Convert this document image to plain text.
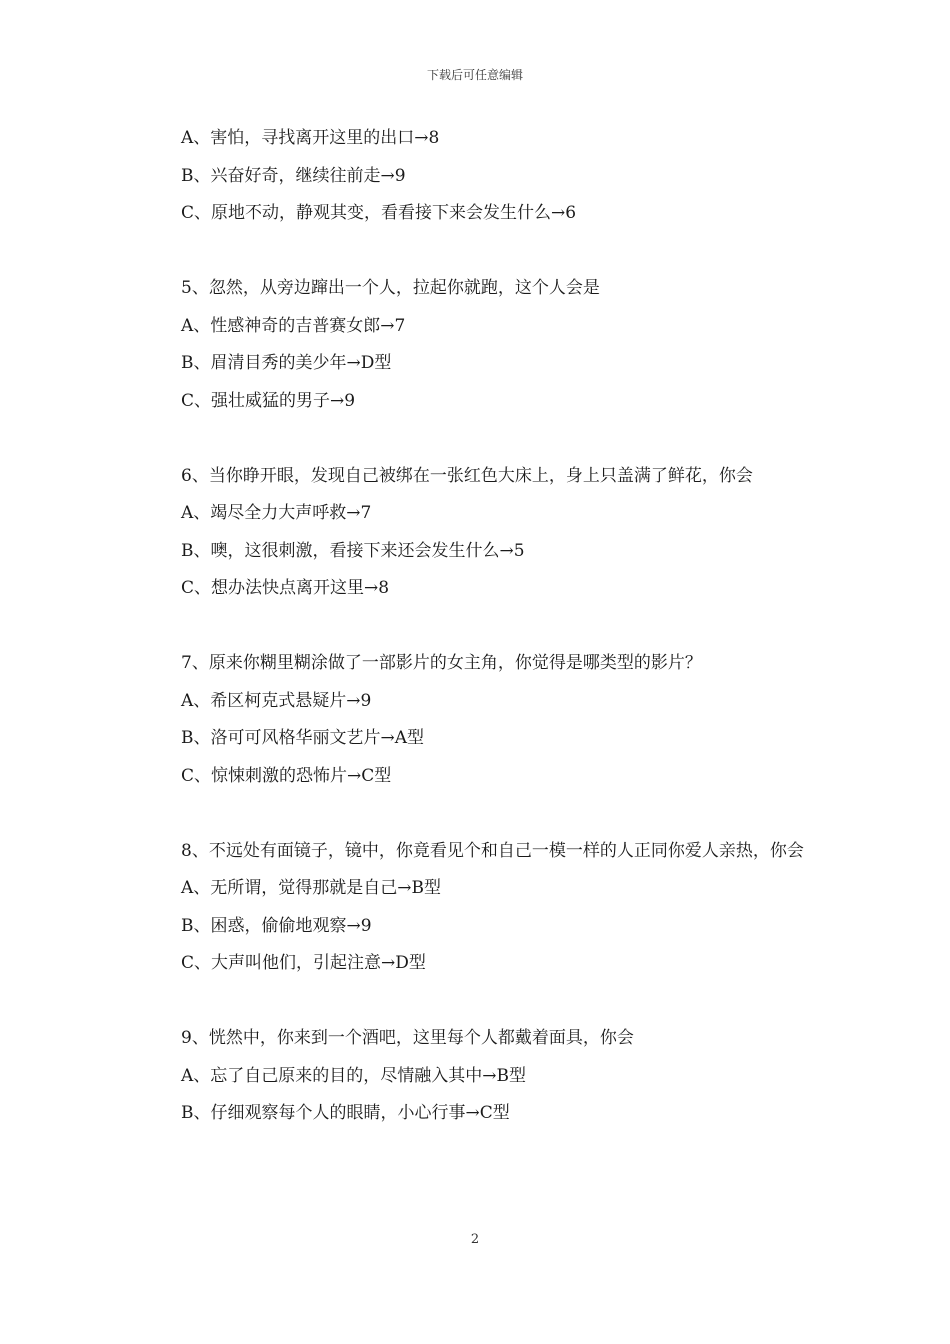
下载后可任意编辑
A、害怕，寻找离开这里的出口→8
B、兴奋好奇，继续往前走→9
C、原地不动，静观其变，看看接下来会发生什么→6
5、忽然，从旁边蹿出一个人，拉起你就跑，这个人会是
A、性感神奇的吉普赛女郎→7
B、眉清目秀的美少年→D型
C、强壮威猛的男子→9
6、当你睁开眼，发现自己被绑在一张红色大床上，身上只盖满了鲜花，你会
A、竭尽全力大声呼救→7
B、噢，这很刺激，看接下来还会发生什么→5
C、想办法快点离开这里→8
7、原来你糊里糊涂做了一部影片的女主角，你觉得是哪类型的影片？
A、希区柯克式悬疑片→9
B、洛可可风格华丽文艺片→A型
C、惊悚刺激的恐怖片→C型
8、不远处有面镜子，镜中，你竟看见个和自己一模一样的人正同你爱人亲热，你会
A、无所谓，觉得那就是自己→B型
B、困惑，偷偷地观察→9
C、大声叫他们，引起注意→D型
9、恍然中，你来到一个酒吧，这里每个人都戴着面具，你会
A、忘了自己原来的目的，尽情融入其中→B型
B、仔细观察每个人的眼睛，小心行事→C型
2
